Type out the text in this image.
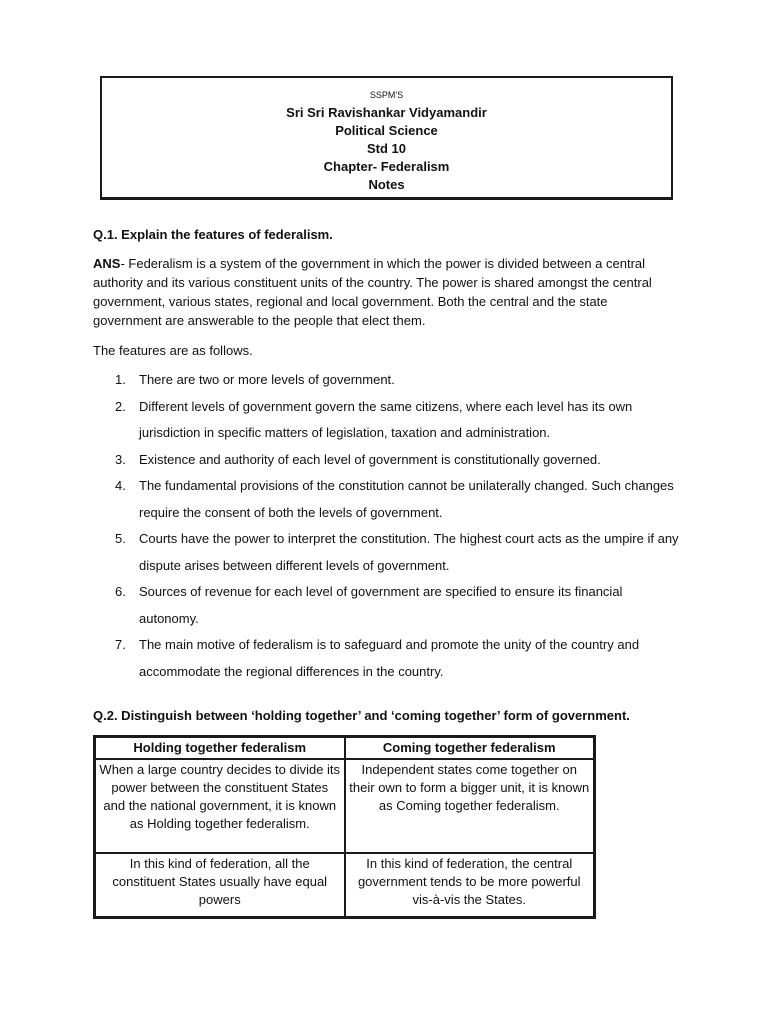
SSPM'S
Sri Sri Ravishankar Vidyamandir
Political Science
Std 10
Chapter- Federalism
Notes
Q.1. Explain the features of federalism.
ANS- Federalism is a system of the government in which the power is divided between a central authority and its various constituent units of the country. The power is shared amongst the central government, various states, regional and local government. Both the central and the state government are answerable to the people that elect them.
The features are as follows.
1. There are two or more levels of government.
2. Different levels of government govern the same citizens, where each level has its own jurisdiction in specific matters of legislation, taxation and administration.
3. Existence and authority of each level of government is constitutionally governed.
4. The fundamental provisions of the constitution cannot be unilaterally changed. Such changes require the consent of both the levels of government.
5. Courts have the power to interpret the constitution. The highest court acts as the umpire if any dispute arises between different levels of government.
6. Sources of revenue for each level of government are specified to ensure its financial autonomy.
7. The main motive of federalism is to safeguard and promote the unity of the country and accommodate the regional differences in the country.
Q.2. Distinguish between ‘holding together’ and ‘coming together’ form of government.
Holding together federalism	Coming together federalism
When a large country decides to divide its power between the constituent States and the national government, it is known as Holding together federalism.	Independent states come together on their own to form a bigger unit, it is known as Coming together federalism.
In this kind of federation, all the constituent States usually have equal powers	In this kind of federation, the central government tends to be more powerful vis-à-vis the States.
